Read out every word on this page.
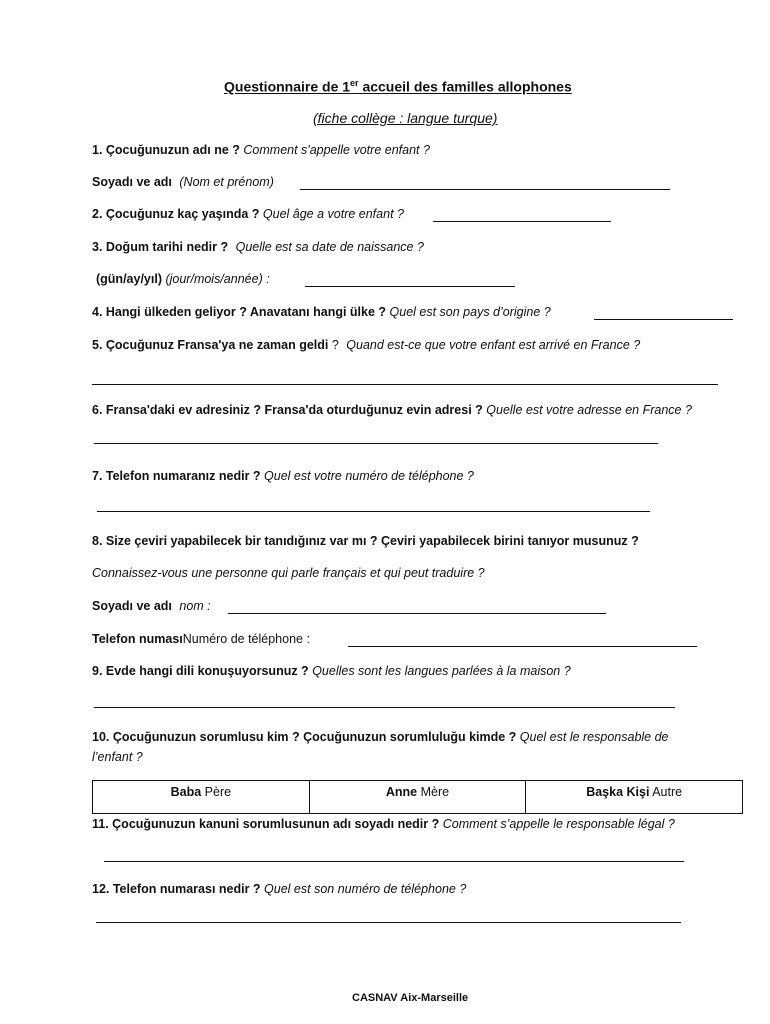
Questionnaire de 1er accueil des familles allophones
(fiche collège : langue turque)
1. Çocuğunuzun adı ne ? Comment s'appelle votre enfant ?
Soyadı ve adı (Nom et prénom)
2. Çocuğunuz kaç yaşında ? Quel âge a votre enfant ?
3. Doğum tarihi nedir ? Quelle est sa date de naissance ?
(gün/ay/yıl) (jour/mois/année) :
4. Hangi ülkeden geliyor ? Anavatanı hangi ülke ? Quel est son pays d’origine ?
5. Çocuğunuz Fransa'ya ne zaman geldi ? Quand est-ce que votre enfant est arrivé en France ?
6. Fransa'daki ev adresiniz ? Fransa'da oturduğunuz evin adresi ? Quelle est votre adresse en France ?
7. Telefon numaranız nedir ? Quel est votre numéro de téléphone ?
8. Size çeviri yapabilecek bir tanıdığınız var mı ? Çeviri yapabilecek birini tanıyor musunuz ?
Connaissez-vous une personne qui parle français et qui peut traduire ?
Soyadı ve adı nom :
Telefon numasıNuméro de téléphone :
9. Evde hangi dili konuşuyorsunuz ? Quelles sont les langues parlées à la maison ?
10. Çocuğunuzun sorumlusu kim ? Çocuğunuzun sorumluluğu kimde ? Quel est le responsable de
l’enfant ?
Baba Père	Anne Mère	Başka Kişi Autre
11. Çocuğunuzun kanuni sorumlusunun adı soyadı nedir ? Comment s’appelle le responsable légal ?
12. Telefon numarası nedir ? Quel est son numéro de téléphone ?
CASNAV Aix-Marseille
